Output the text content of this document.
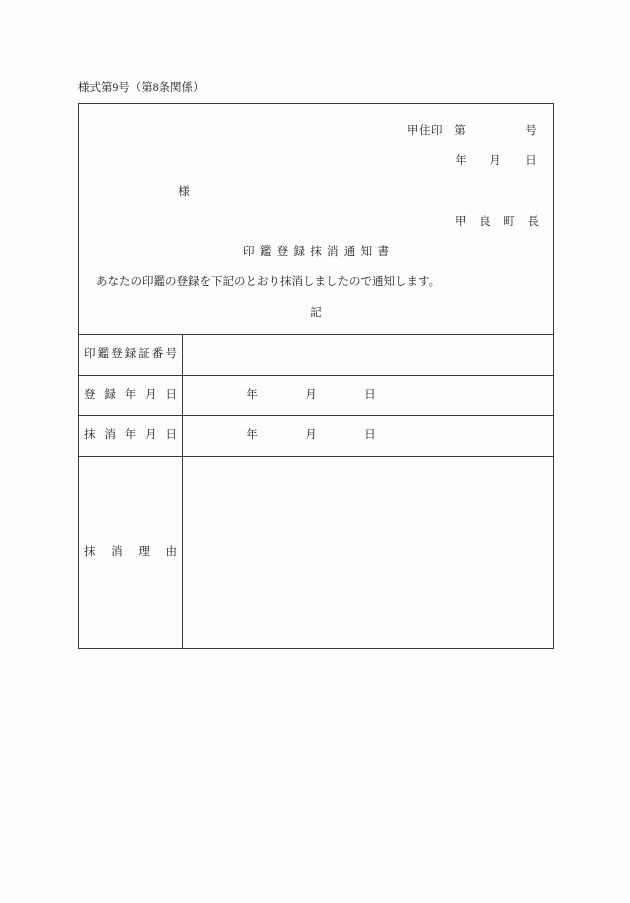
様式第9号（第8条関係）
甲住印 第	号
年 月 日
様
甲良町長
印鑑登録抹消通知書
あなたの印鑑の登録を下記のとおり抹消しましたので通知します。
記
印鑑登録証番号
登録年月日	年	月	日
抹消年月日	年	月	日
抹消理由
